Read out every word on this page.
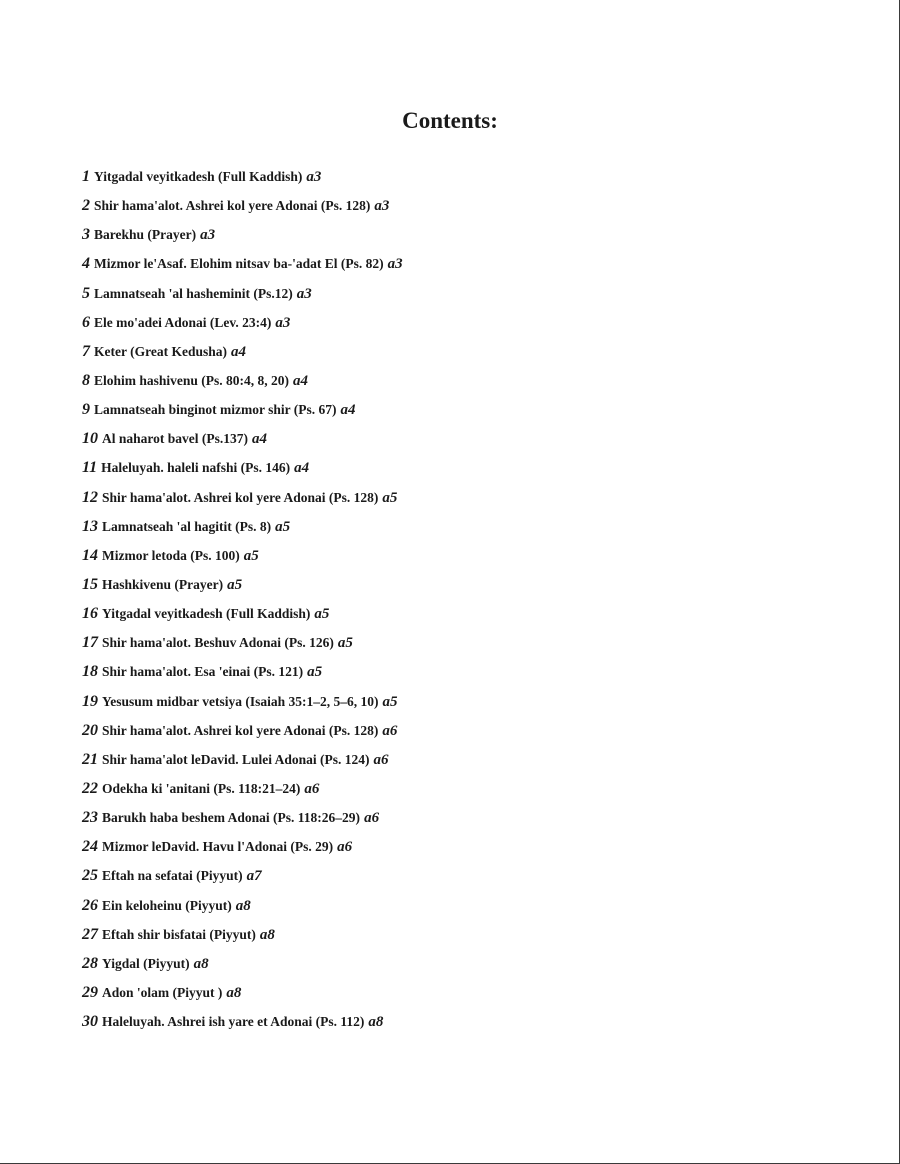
Contents:
1 Yitgadal veyitkadesh (Full Kaddish) a3
2 Shir hama'alot. Ashrei kol yere Adonai (Ps. 128) a3
3 Barekhu (Prayer) a3
4 Mizmor le'Asaf. Elohim nitsav ba-'adat El (Ps. 82) a3
5 Lamnatseah 'al hasheminit (Ps.12) a3
6 Ele mo'adei Adonai (Lev. 23:4) a3
7 Keter (Great Kedusha) a4
8 Elohim hashivenu (Ps. 80:4, 8, 20) a4
9 Lamnatseah binginot mizmor shir (Ps. 67) a4
10 Al naharot bavel (Ps.137) a4
11 Haleluyah. haleli nafshi (Ps. 146) a4
12 Shir hama'alot. Ashrei kol yere Adonai (Ps. 128) a5
13 Lamnatseah 'al hagitit (Ps. 8) a5
14 Mizmor letoda (Ps. 100) a5
15 Hashkivenu (Prayer) a5
16 Yitgadal veyitkadesh (Full Kaddish) a5
17 Shir hama'alot. Beshuv Adonai (Ps. 126) a5
18 Shir hama'alot. Esa 'einai (Ps. 121) a5
19 Yesusum midbar vetsiya (Isaiah 35:1–2, 5–6, 10) a5
20 Shir hama'alot. Ashrei kol yere Adonai (Ps. 128) a6
21 Shir hama'alot leDavid. Lulei Adonai (Ps. 124) a6
22 Odekha ki 'anitani (Ps. 118:21–24) a6
23 Barukh haba beshem Adonai (Ps. 118:26–29) a6
24 Mizmor leDavid. Havu l'Adonai (Ps. 29) a6
25 Eftah na sefatai (Piyyut) a7
26 Ein keloheinu (Piyyut) a8
27 Eftah shir bisfatai (Piyyut) a8
28 Yigdal (Piyyut) a8
29 Adon 'olam (Piyyut ) a8
30 Haleluyah. Ashrei ish yare et Adonai (Ps. 112) a8
